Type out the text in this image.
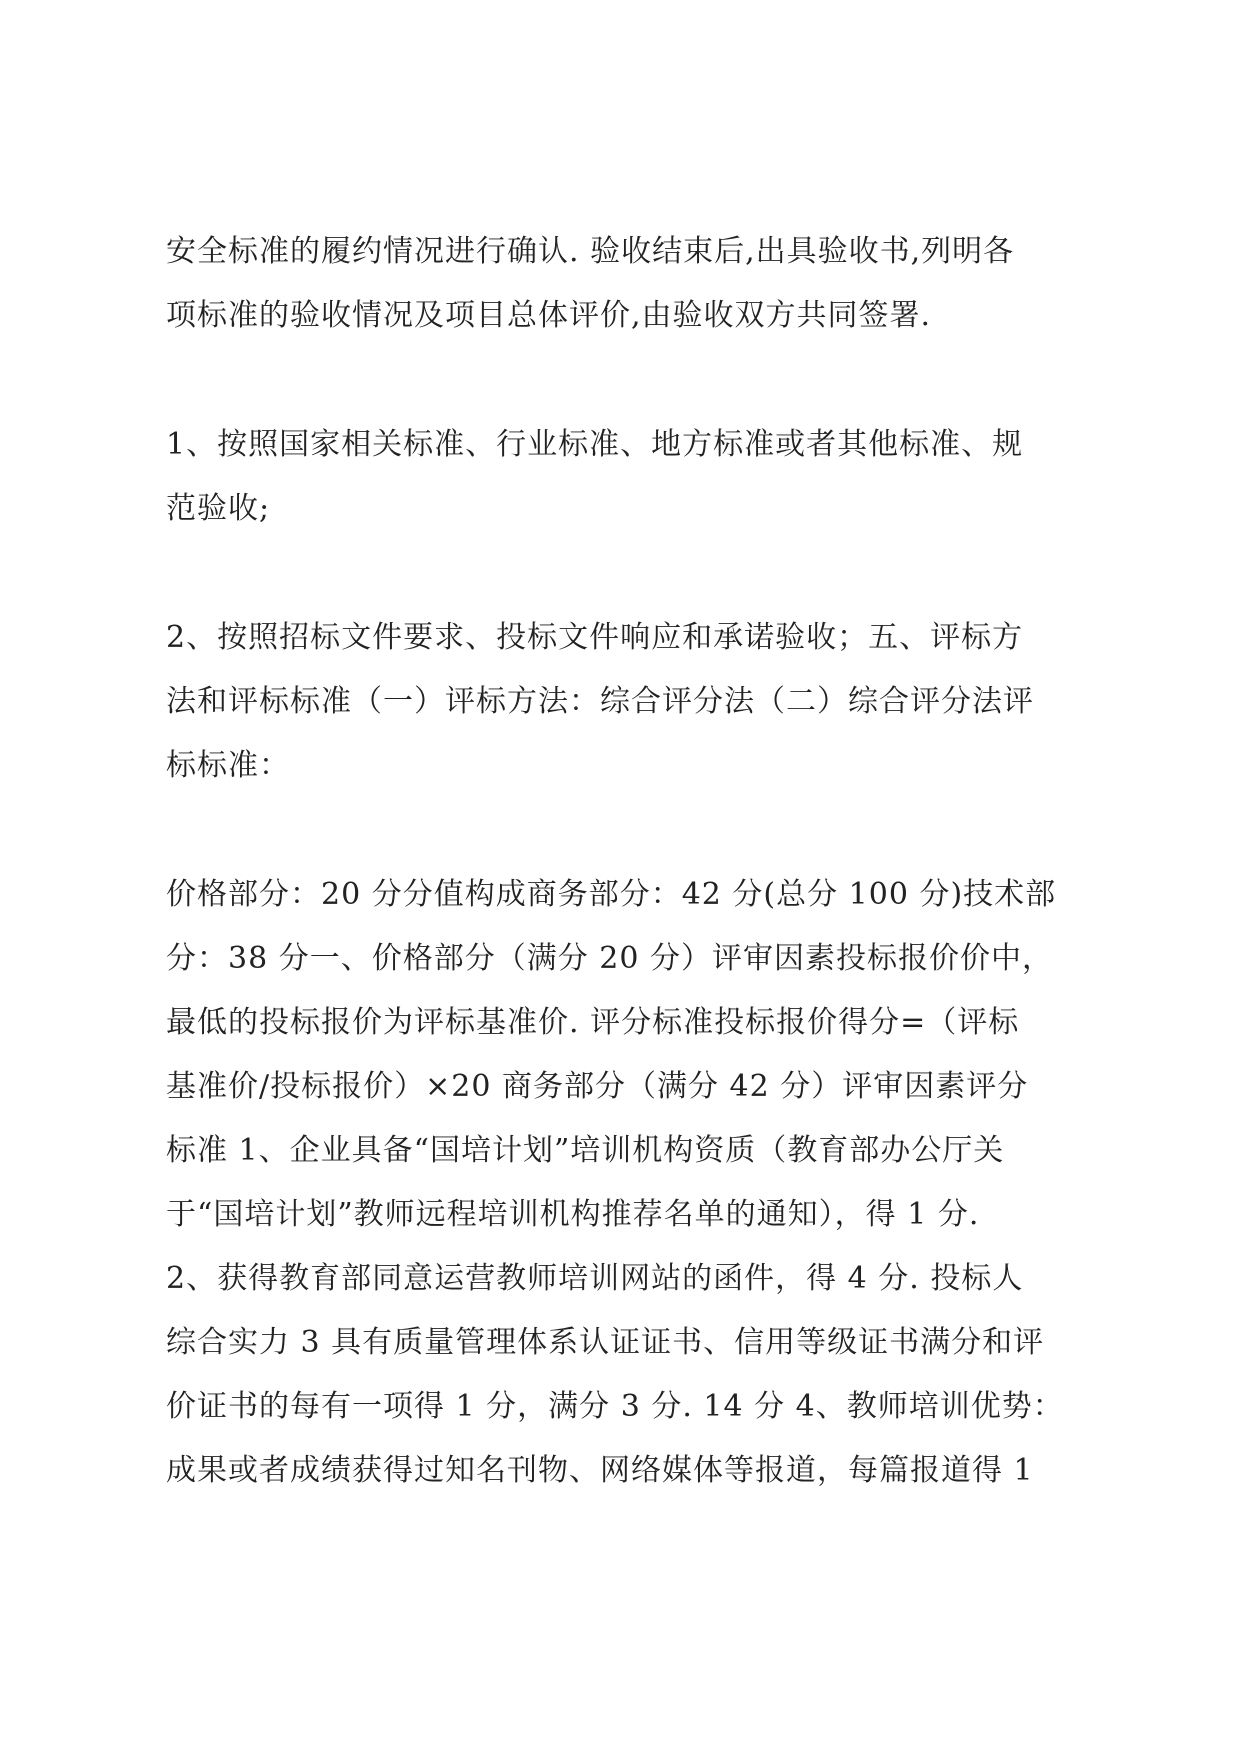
安全标准的履约情况进行确认. 验收结束后,出具验收书,列明各
项标准的验收情况及项目总体评价,由验收双方共同签署.
1、按照国家相关标准、行业标准、地方标准或者其他标准、规
范验收;
2、按照招标文件要求、投标文件响应和承诺验收；五、评标方
法和评标标准（一）评标方法：综合评分法（二）综合评分法评
标标准：
价格部分：20 分分值构成商务部分：42 分(总分 100 分)技术部
分：38 分一、价格部分（满分 20 分）评审因素投标报价价中，
最低的投标报价为评标基准价. 评分标准投标报价得分=（评标
基准价/投标报价）×20 商务部分（满分 42 分）评审因素评分
标准 1、企业具备“国培计划”培训机构资质（教育部办公厅关
于“国培计划”教师远程培训机构推荐名单的通知），得 1 分.
2、获得教育部同意运营教师培训网站的函件，得 4 分. 投标人
综合实力 3 具有质量管理体系认证证书、信用等级证书满分和评
价证书的每有一项得 1 分，满分 3 分. 14 分 4、教师培训优势：
成果或者成绩获得过知名刊物、网络媒体等报道，每篇报道得 1
